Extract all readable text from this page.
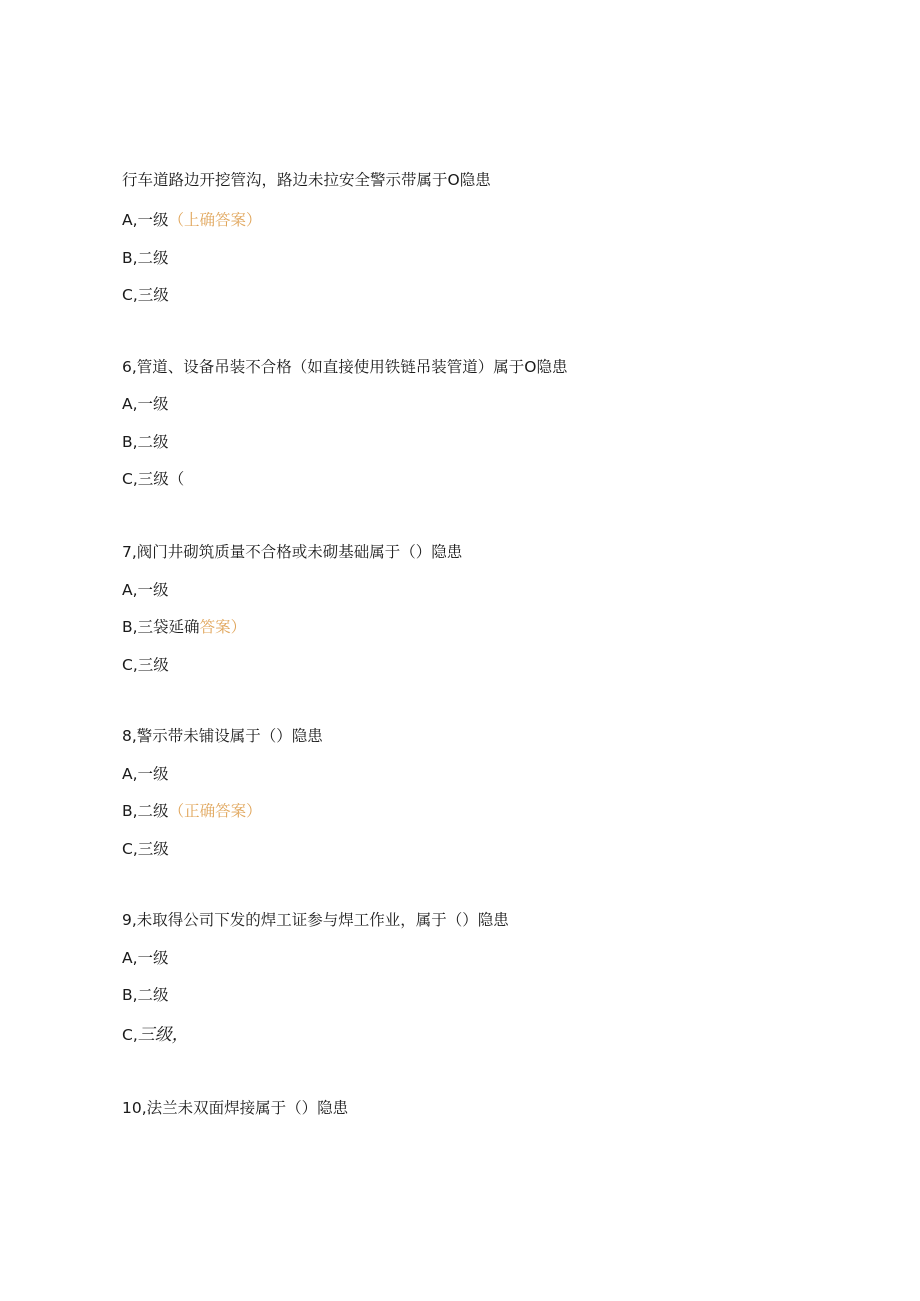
行车道路边开挖管沟，路边未拉安全警示带属于O隐患
A,一级（上确答案）
B,二级
C,三级
6,管道、设备吊装不合格（如直接使用铁链吊装管道）属于O隐患
A,一级
B,二级
C,三级（
7,阀门井砌筑质量不合格或未砌基础属于（）隐患
A,一级
B,三袋延确答案）
C,三级
8,警示带未铺设属于（）隐患
A,一级
B,二级（正确答案）
C,三级
9,未取得公司下发的焊工证参与焊工作业，属于（）隐患
A,一级
B,二级
C,三级，
10,法兰未双面焊接属于（）隐患
